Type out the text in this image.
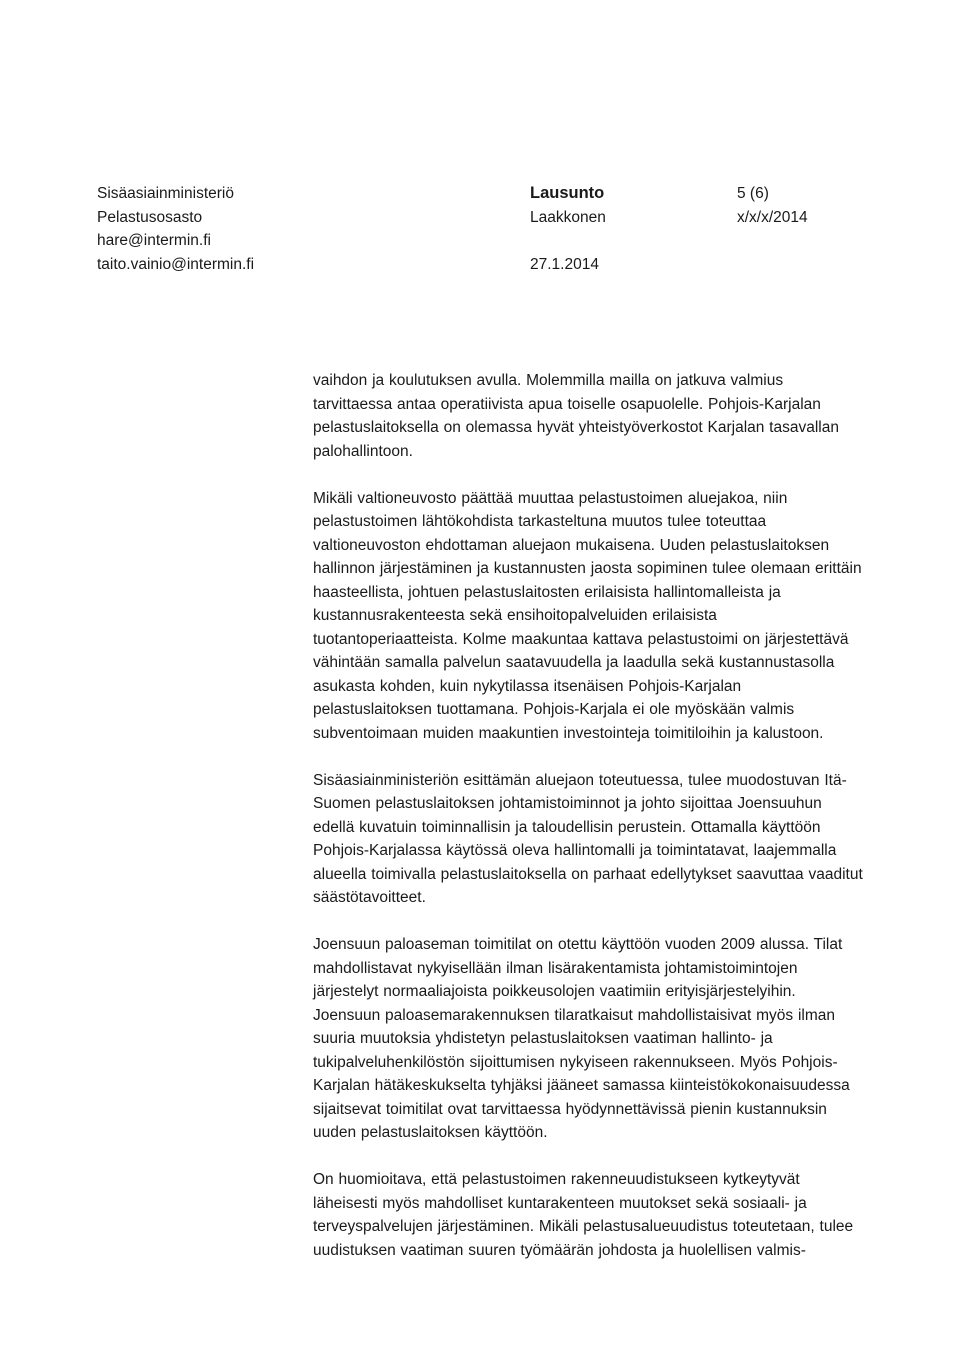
Sisäasiainministeriö
Pelastusosasto
hare@intermin.fi
taito.vainio@intermin.fi
Lausunto
Laakkonen
27.1.2014
5 (6)
x/x/x/2014

vaihdon ja koulutuksen avulla. Molemmilla mailla on jatkuva valmius tarvittaessa antaa operatiivista apua toiselle osapuolelle. Pohjois-Karjalan pelastuslaitoksella on olemassa hyvät yhteistyöverkostot Karjalan tasavallan palohallintoon.

Mikäli valtioneuvosto päättää muuttaa pelastustoimen aluejakoa, niin pelastustoimen lähtökohdista tarkasteltuna muutos tulee toteuttaa valtioneuvoston ehdottaman aluejaon mukaisena. Uuden pelastuslaitoksen hallinnon järjestäminen ja kustannusten jaosta sopiminen tulee olemaan erittäin haasteellista, johtuen pelastuslaitosten erilaisista hallintomalleista ja kustannusrakenteesta sekä ensihoitopalveluiden erilaisista tuotantoperiaatteista. Kolme maakuntaa kattava pelastustoimi on järjestettävä vähintään samalla palvelun saatavuudella ja laadulla sekä kustannustasolla asukasta kohden, kuin nykytilassa itsenäisen Pohjois-Karjalan pelastuslaitoksen tuottamana. Pohjois-Karjala ei ole myöskään valmis subventoimaan muiden maakuntien investointeja toimitiloihin ja kalustoon.

Sisäasiainministeriön esittämän aluejaon toteutuessa, tulee muodostuvan Itä-Suomen pelastuslaitoksen johtamistoiminnot ja johto sijoittaa Joensuuhun edellä kuvatuin toiminnallisin ja taloudellisin perustein. Ottamalla käyttöön Pohjois-Karjalassa käytössä oleva hallintomalli ja toimintatavat, laajemmalla alueella toimivalla pelastuslaitoksella on parhaat edellytykset saavuttaa vaaditut säästötavoitteet.

Joensuun paloaseman toimitilat on otettu käyttöön vuoden 2009 alussa. Tilat mahdollistavat nykyisellään ilman lisärakentamista johtamistoimintojen järjestelyt normaaliajoista poikkeusolojen vaatimiin erityisjärjestelyihin. Joensuun paloasemarakennuksen tilaratkaisut mahdollistaisivat myös ilman suuria muutoksia yhdistetyn pelastuslaitoksen vaatiman hallinto- ja tukipalveluhenkilöstön sijoittumisen nykyiseen rakennukseen. Myös Pohjois-Karjalan hätäkeskukselta tyhjäksi jääneet samassa kiinteistökokonaisuudessa sijaitsevat toimitilat ovat tarvittaessa hyödynnettävissä pienin kustannuksin uuden pelastuslaitoksen käyttöön.

On huomioitava, että pelastustoimen rakenneuudistukseen kytkeytyvät läheisesti myös mahdolliset kuntarakenteen muutokset sekä sosiaali- ja terveyspalvelujen järjestäminen. Mikäli pelastusalueuudistus toteutetaan, tulee uudistuksen vaatiman suuren työmäärän johdosta ja huolellisen valmis-
